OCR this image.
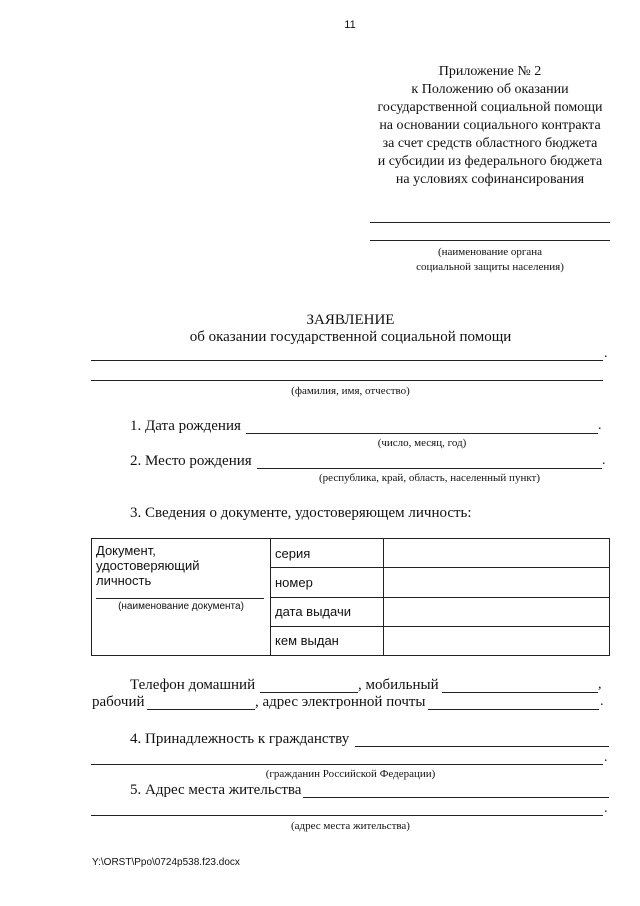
11
Приложение № 2
к Положению об оказании
государственной социальной помощи
на основании социального контракта
за счет средств областного бюджета
и субсидии из федерального бюджета
на условиях софинансирования
(наименование органа
социальной защиты населения)
ЗАЯВЛЕНИЕ
об оказании государственной социальной помощи
.
(фамилия, имя, отчество)
1. Дата рождения	.
(число, месяц, год)
2. Место рождения	.
(республика, край, область, населенный пункт)
3. Сведения о документе, удостоверяющем личность:
Документ,
удостоверяющий
личность
(наименование документа)	серия	
	номер	
	дата выдачи	
	кем выдан	
Телефон домашний	, мобильный	,
рабочий	, адрес электронной почты	.
4. Принадлежность к гражданству
.
(гражданин Российской Федерации)
5. Адрес места жительства
.
(адрес места жительства)
Y:\ORST\Ppo\0724p538.f23.docx
